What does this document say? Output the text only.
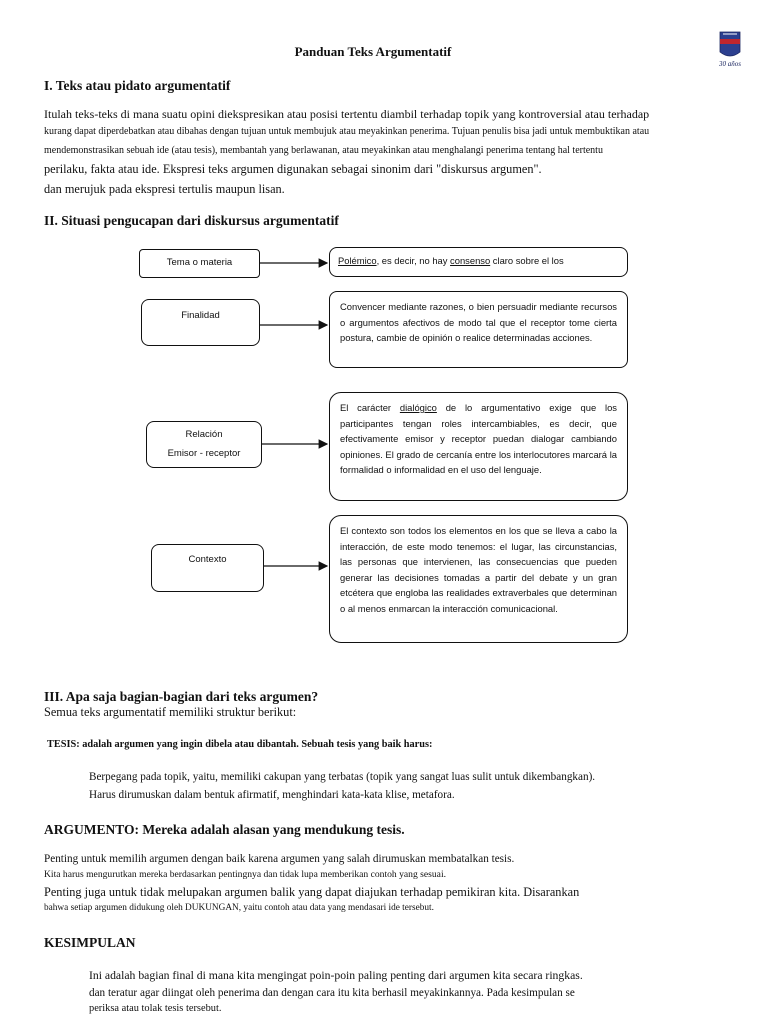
30 años
Panduan Teks Argumentatif
I. Teks atau pidato argumentatif
Itulah teks-teks di mana suatu opini diekspresikan atau posisi tertentu diambil terhadap topik yang kontroversial atau terhadap
kurang dapat diperdebatkan atau dibahas dengan tujuan untuk membujuk atau meyakinkan penerima. Tujuan penulis bisa jadi untuk membuktikan atau
mendemonstrasikan sebuah ide (atau tesis), membantah yang berlawanan, atau meyakinkan atau menghalangi penerima tentang hal tertentu
perilaku, fakta atau ide. Ekspresi teks argumen digunakan sebagai sinonim dari "diskursus argumen".
dan merujuk pada ekspresi tertulis maupun lisan.
II. Situasi pengucapan dari diskursus argumentatif
Tema o materia	Polémico, es decir, no hay consenso claro sobre el los
Finalidad
Convencer mediante razones, o bien persuadir mediante recursos o argumentos afectivos de modo tal que el receptor tome cierta postura, cambie de opinión o realice determinadas acciones.
Relación
Emisor - receptor
El carácter dialógico de lo argumentativo exige que los participantes tengan roles intercambiables, es decir, que efectivamente emisor y receptor puedan dialogar cambiando opiniones. El grado de cercanía entre los interlocutores marcará la formalidad o informalidad en el uso del lenguaje.
Contexto
El contexto son todos los elementos en los que se lleva a cabo la interacción, de este modo tenemos: el lugar, las circunstancias, las personas que intervienen, las consecuencias que pueden generar las decisiones tomadas a partir del debate y un gran etcétera que engloba las realidades extraverbales que determinan o al menos enmarcan la interacción comunicacional.
III. Apa saja bagian-bagian dari teks argumen?
Semua teks argumentatif memiliki struktur berikut:
TESIS: adalah argumen yang ingin dibela atau dibantah. Sebuah tesis yang baik harus:
Berpegang pada topik, yaitu, memiliki cakupan yang terbatas (topik yang sangat luas sulit untuk dikembangkan).
Harus dirumuskan dalam bentuk afirmatif, menghindari kata-kata klise, metafora.
ARGUMENTO: Mereka adalah alasan yang mendukung tesis.
Penting untuk memilih argumen dengan baik karena argumen yang salah dirumuskan membatalkan tesis.
Kita harus mengurutkan mereka berdasarkan pentingnya dan tidak lupa memberikan contoh yang sesuai.
Penting juga untuk tidak melupakan argumen balik yang dapat diajukan terhadap pemikiran kita. Disarankan
bahwa setiap argumen didukung oleh DUKUNGAN, yaitu contoh atau data yang mendasari ide tersebut.
KESIMPULAN
Ini adalah bagian final di mana kita mengingat poin-poin paling penting dari argumen kita secara ringkas.
dan teratur agar diingat oleh penerima dan dengan cara itu kita berhasil meyakinkannya. Pada kesimpulan se
periksa atau tolak tesis tersebut.
